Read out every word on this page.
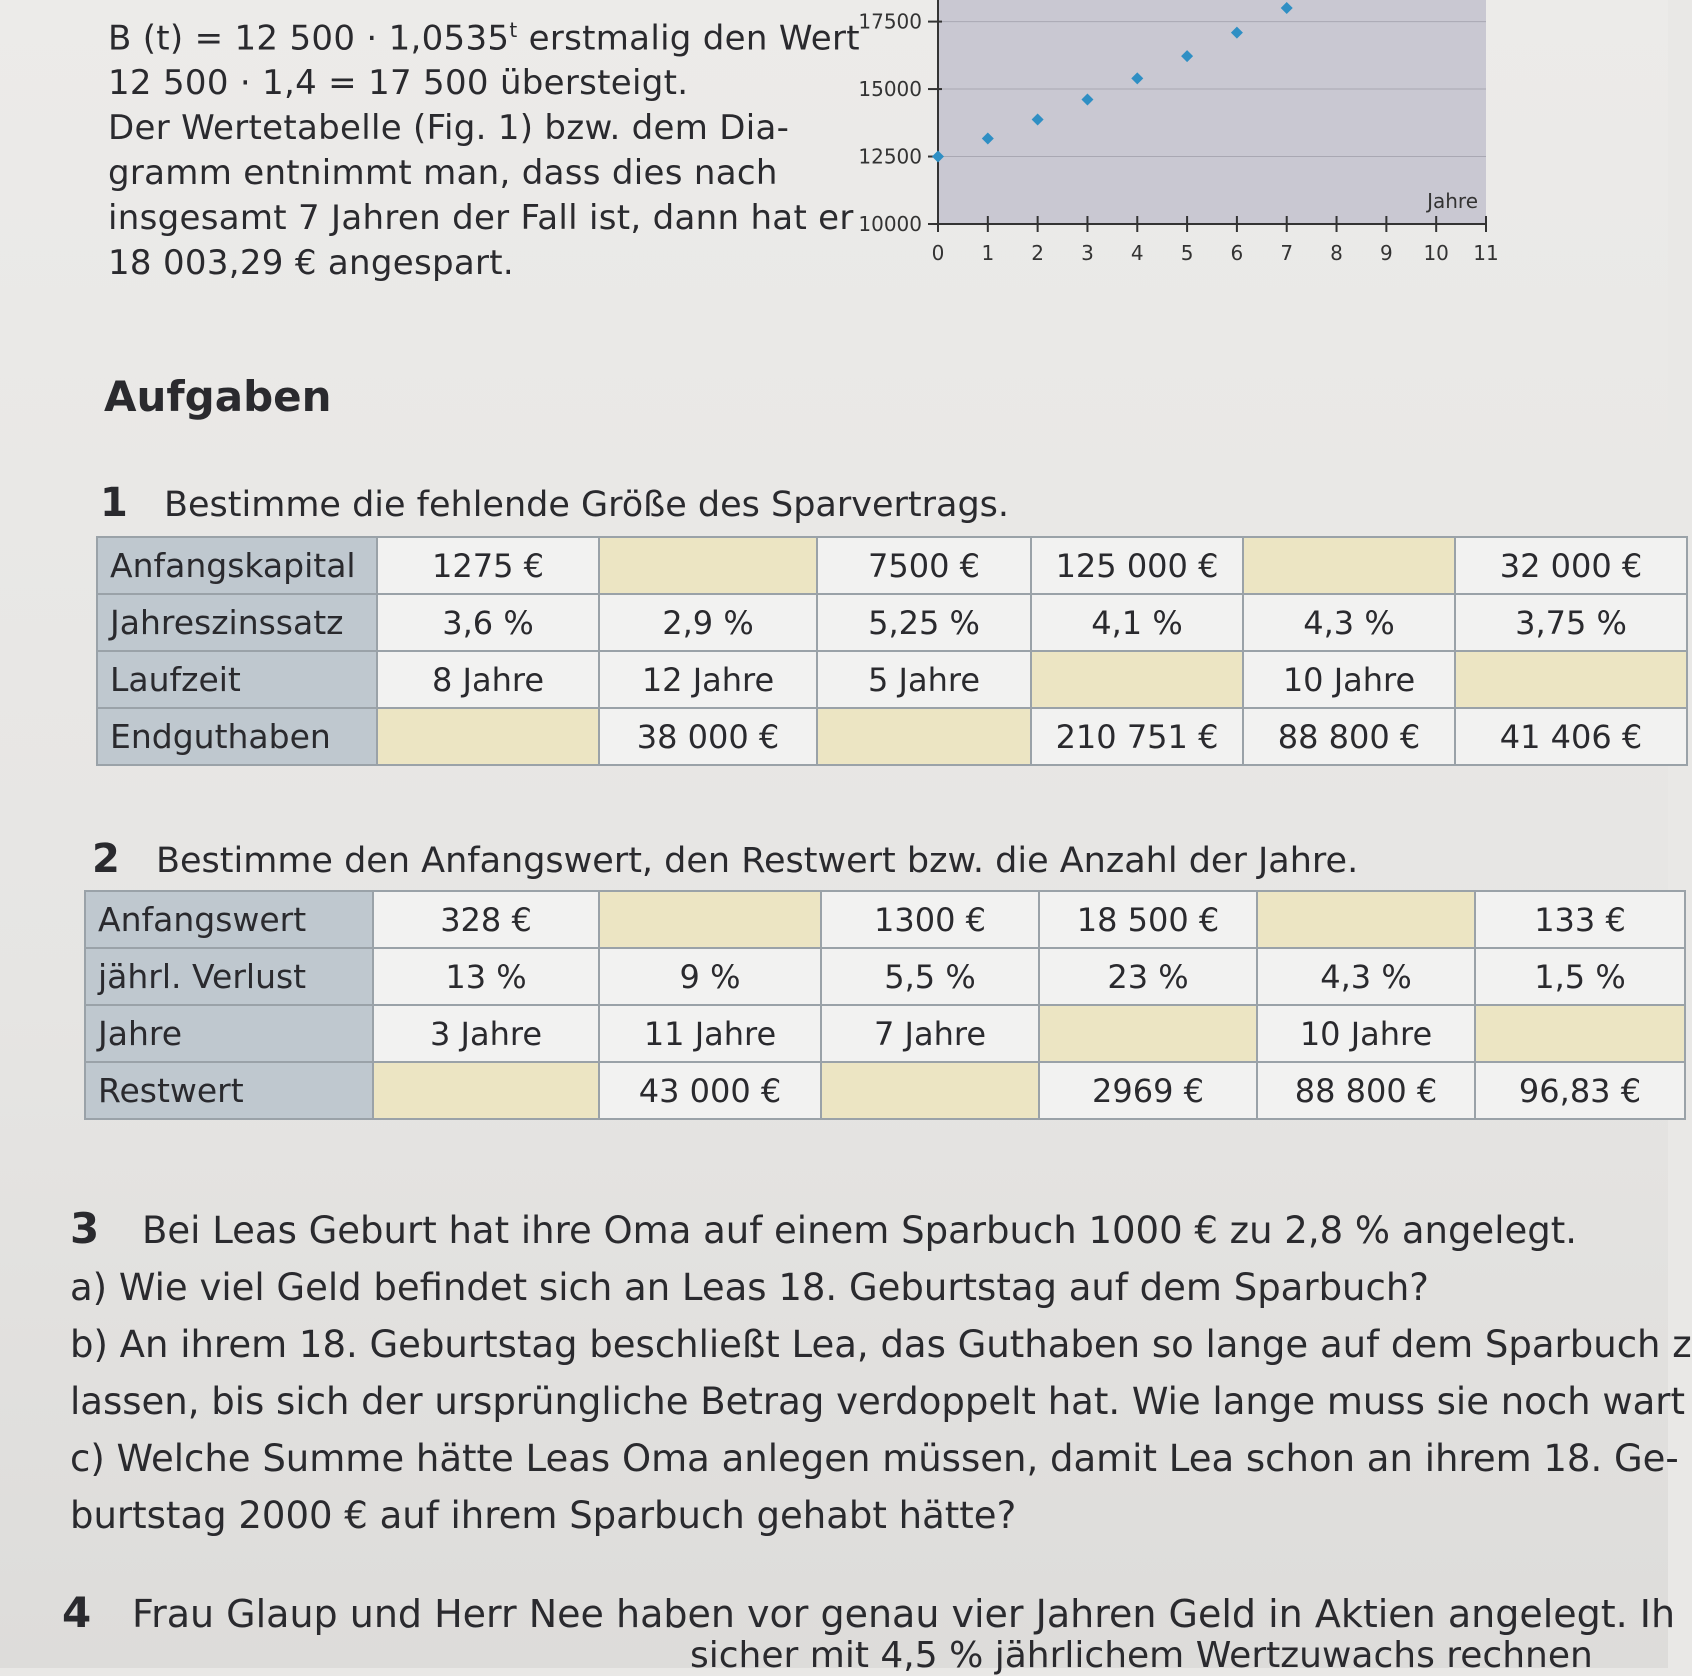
B (t) = 12 $500 \cdot 1,0535^t$ erstmalig den Wert
12 500 · 1,4 = 17 500 übersteigt.
Der Wertetabelle (Fig. 1) bzw. dem Dia-
gramm entnimmt man, dass dies nach
insgesamt 7 Jahren der Fall ist, dann hat er
18 003,29 € angespart.
10000
12500
15000
17500
0 1 2 3 4 5 6 7 8 9 10 11
Jahre
Aufgaben
1 Bestimme die fehlende Größe des Sparvertrags.
Anfangskapital	1275 €		7500 €	125 000 €		32 000 €
Jahreszinssatz	3,6 %	2,9 %	5,25 %	4,1 %	4,3 %	3,75 %
Laufzeit	8 Jahre	12 Jahre	5 Jahre		10 Jahre	
Endguthaben		38 000 €		210 751 €	88 800 €	41 406 €
2 Bestimme den Anfangswert, den Restwert bzw. die Anzahl der Jahre.
Anfangswert	328 €		1300 €	18 500 €		133 €
jährl. Verlust	13 %	9 %	5,5 %	23 %	4,3 %	1,5 %
Jahre	3 Jahre	11 Jahre	7 Jahre		10 Jahre	
Restwert		43 000 €		2969 €	88 800 €	96,83 €
3 Bei Leas Geburt hat ihre Oma auf einem Sparbuch 1000 € zu 2,8 % angelegt.
a) Wie viel Geld befindet sich an Leas 18. Geburtstag auf dem Sparbuch?
b) An ihrem 18. Geburtstag beschließt Lea, das Guthaben so lange auf dem Sparbuch z
lassen, bis sich der ursprüngliche Betrag verdoppelt hat. Wie lange muss sie noch wart
c) Welche Summe hätte Leas Oma anlegen müssen, damit Lea schon an ihrem 18. Ge-
burtstag 2000 € auf ihrem Sparbuch gehabt hätte?
4 Frau Glaup und Herr Nee haben vor genau vier Jahren Geld in Aktien angelegt. Ih
sicher mit 4,5 % jährlichem Wertzuwachs rechnen
